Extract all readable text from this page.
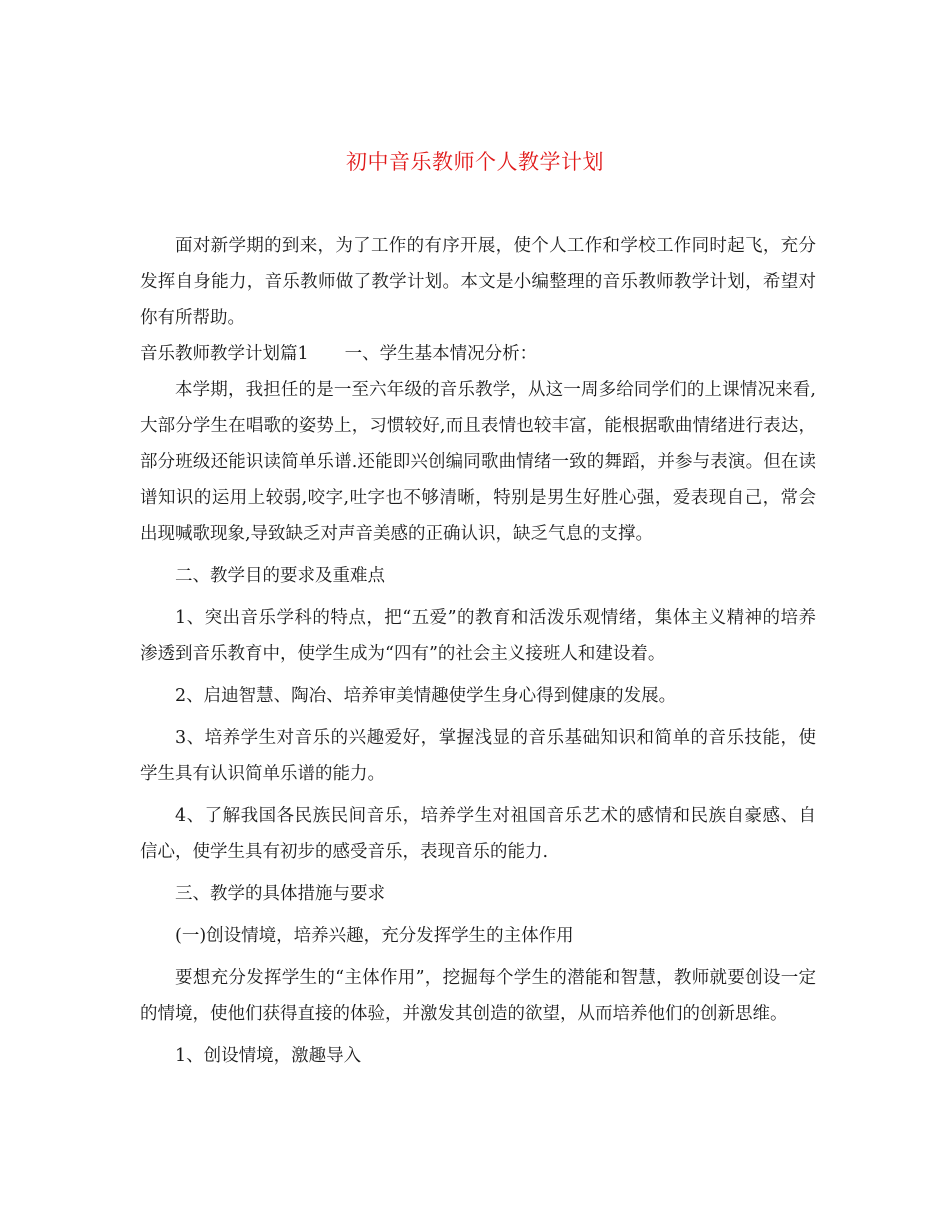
初中音乐教师个人教学计划

面对新学期的到来，为了工作的有序开展，使个人工作和学校工作同时起飞，充分发挥自身能力，音乐教师做了教学计划。本文是小编整理的音乐教师教学计划，希望对你有所帮助。

音乐教师教学计划篇1 一、学生基本情况分析：

本学期，我担任的是一至六年级的音乐教学，从这一周多给同学们的上课情况来看,大部分学生在唱歌的姿势上，习惯较好,而且表情也较丰富，能根据歌曲情绪进行表达，部分班级还能识读简单乐谱.还能即兴创编同歌曲情绪一致的舞蹈，并参与表演。但在读谱知识的运用上较弱,咬字,吐字也不够清晰，特别是男生好胜心强，爱表现自己，常会出现喊歌现象,导致缺乏对声音美感的正确认识，缺乏气息的支撑。

二、教学目的要求及重难点

1、突出音乐学科的特点，把“五爱”的教育和活泼乐观情绪，集体主义精神的培养渗透到音乐教育中，使学生成为“四有”的社会主义接班人和建设着。

2、启迪智慧、陶冶、培养审美情趣使学生身心得到健康的发展。

3、培养学生对音乐的兴趣爱好，掌握浅显的音乐基础知识和简单的音乐技能，使学生具有认识简单乐谱的能力。

4、了解我国各民族民间音乐，培养学生对祖国音乐艺术的感情和民族自豪感、自信心，使学生具有初步的感受音乐，表现音乐的能力.

三、教学的具体措施与要求

(一)创设情境，培养兴趣，充分发挥学生的主体作用

要想充分发挥学生的“主体作用”，挖掘每个学生的潜能和智慧，教师就要创设一定的情境，使他们获得直接的体验，并激发其创造的欲望，从而培养他们的创新思维。

1、创设情境，激趣导入
